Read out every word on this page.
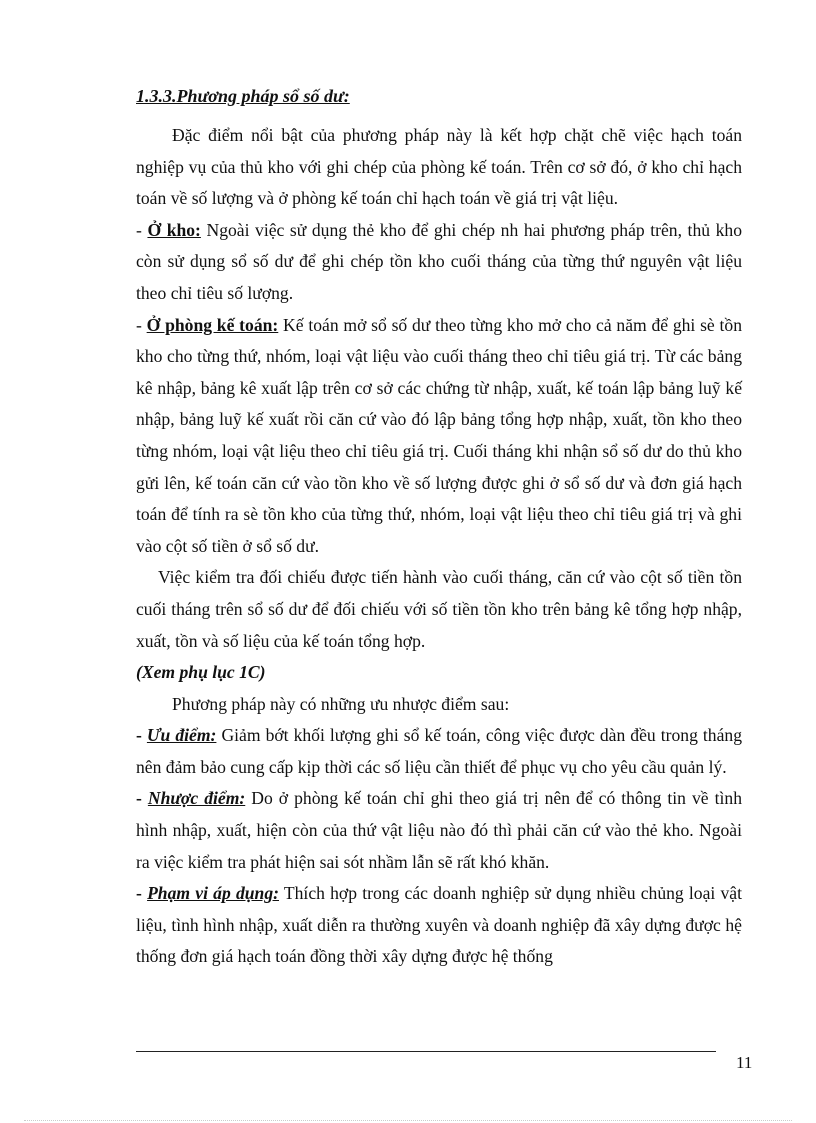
1.3.3.Phương pháp sổ số dư:

Đặc điểm nổi bật của phương pháp này là kết hợp chặt chẽ việc hạch toán nghiệp vụ của thủ kho với ghi chép của phòng kế toán. Trên cơ sở đó, ở kho chỉ hạch toán về số lượng và ở phòng kế toán chỉ hạch toán về giá trị vật liệu.

- Ở kho: Ngoài việc sử dụng thẻ kho để ghi chép nh hai phương pháp trên, thủ kho còn sử dụng sổ số dư để ghi chép tồn kho cuối tháng của từng thứ nguyên vật liệu theo chỉ tiêu số lượng.

- Ở phòng kế toán: Kế toán mở sổ số dư theo từng kho mở cho cả năm để ghi sè tồn kho cho từng thứ, nhóm, loại vật liệu vào cuối tháng theo chỉ tiêu giá trị. Từ các bảng kê nhập, bảng kê xuất lập trên cơ sở các chứng từ nhập, xuất, kế toán lập bảng luỹ kế nhập, bảng luỹ kế xuất rồi căn cứ vào đó lập bảng tổng hợp nhập, xuất, tồn kho theo từng nhóm, loại vật liệu theo chỉ tiêu giá trị. Cuối tháng khi nhận sổ số dư do thủ kho gửi lên, kế toán căn cứ vào tồn kho về số lượng được ghi ở sổ số dư và đơn giá hạch toán để tính ra sè tồn kho của từng thứ, nhóm, loại vật liệu theo chỉ tiêu giá trị và ghi vào cột số tiền ở sổ số dư.

Việc kiểm tra đối chiếu được tiến hành vào cuối tháng, căn cứ vào cột số tiền tồn cuối tháng trên sổ số dư để đối chiếu với số tiền tồn kho trên bảng kê tổng hợp nhập, xuất, tồn và số liệu của kế toán tổng hợp.

(Xem phụ lục 1C)

Phương pháp này có những ưu nhược điểm sau:

- Ưu điểm: Giảm bớt khối lượng ghi sổ kế toán, công việc được dàn đều trong tháng nên đảm bảo cung cấp kịp thời các số liệu cần thiết để phục vụ cho yêu cầu quản lý.

- Nhược điểm: Do ở phòng kế toán chỉ ghi theo giá trị nên để có thông tin về tình hình nhập, xuất, hiện còn của thứ vật liệu nào đó thì phải căn cứ vào thẻ kho. Ngoài ra việc kiểm tra phát hiện sai sót nhầm lẫn sẽ rất khó khăn.

- Phạm vi áp dụng: Thích hợp trong các doanh nghiệp sử dụng nhiều chủng loại vật liệu, tình hình nhập, xuất diễn ra thường xuyên và doanh nghiệp đã xây dựng được hệ thống đơn giá hạch toán đồng thời xây dựng được hệ thống

11
